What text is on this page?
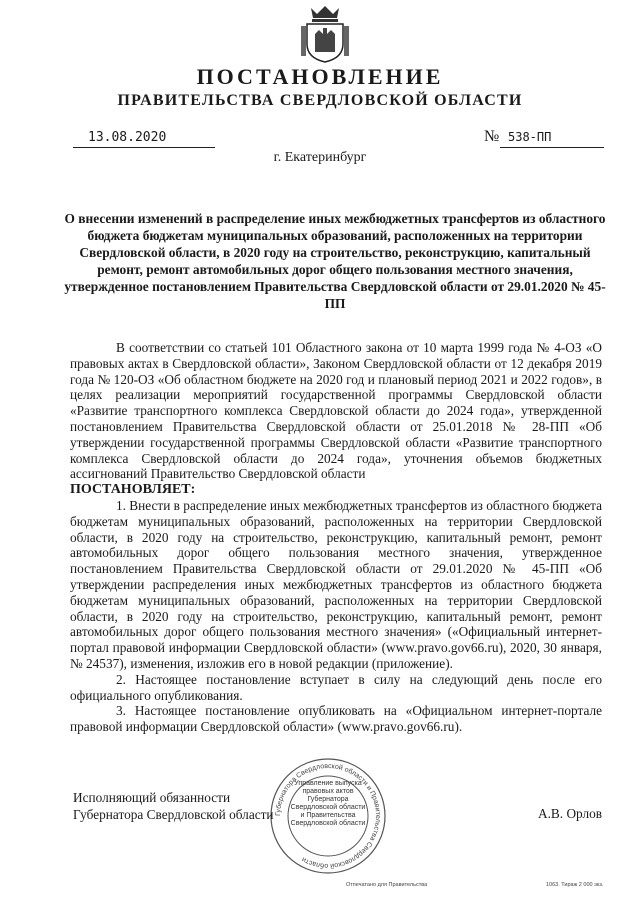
ПОСТАНОВЛЕНИЕ
ПРАВИТЕЛЬСТВА СВЕРДЛОВСКОЙ ОБЛАСТИ
13.08.2020	№ 538-ПП
г. Екатеринбург
О внесении изменений в распределение иных межбюджетных трансфертов из областного бюджета бюджетам муниципальных образований, расположенных на территории Свердловской области, в 2020 году на строительство, реконструкцию, капитальный ремонт, ремонт автомобильных дорог общего пользования местного значения, утвержденное постановлением Правительства Свердловской области от 29.01.2020 № 45-ПП

В соответствии со статьей 101 Областного закона от 10 марта 1999 года № 4-ОЗ «О правовых актах в Свердловской области», Законом Свердловской области от 12 декабря 2019 года № 120-ОЗ «Об областном бюджете на 2020 год и плановый период 2021 и 2022 годов», в целях реализации мероприятий государственной программы Свердловской области «Развитие транспортного комплекса Свердловской области до 2024 года», утвержденной постановлением Правительства Свердловской области от 25.01.2018 № 28-ПП «Об утверждении государственной программы Свердловской области «Развитие транспортного комплекса Свердловской области до 2024 года», уточнения объемов бюджетных ассигнований Правительство Свердловской области

ПОСТАНОВЛЯЕТ:

1. Внести в распределение иных межбюджетных трансфертов из областного бюджета бюджетам муниципальных образований, расположенных на территории Свердловской области, в 2020 году на строительство, реконструкцию, капитальный ремонт, ремонт автомобильных дорог общего пользования местного значения, утвержденное постановлением Правительства Свердловской области от 29.01.2020 № 45-ПП «Об утверждении распределения иных межбюджетных трансфертов из областного бюджета бюджетам муниципальных образований, расположенных на территории Свердловской области, в 2020 году на строительство, реконструкцию, капитальный ремонт, ремонт автомобильных дорог общего пользования местного значения» («Официальный интернет-портал правовой информации Свердловской области» (www.pravo.gov66.ru), 2020, 30 января, № 24537), изменения, изложив его в новой редакции (приложение).

2. Настоящее постановление вступает в силу на следующий день после его официального опубликования.

3. Настоящее постановление опубликовать на «Официальном интернет-портале правовой информации Свердловской области» (www.pravo.gov66.ru).

Губернатора Свердловской области и Правительства Свердловской области
Управление выпуска правовых актов Губернатора Свердловской области и Правительства Свердловской области
Исполняющий обязанности
Губернатора Свердловской области	А.В. Орлов
Отпечатано для Правительства	1063. Тираж 2 000 экз.
